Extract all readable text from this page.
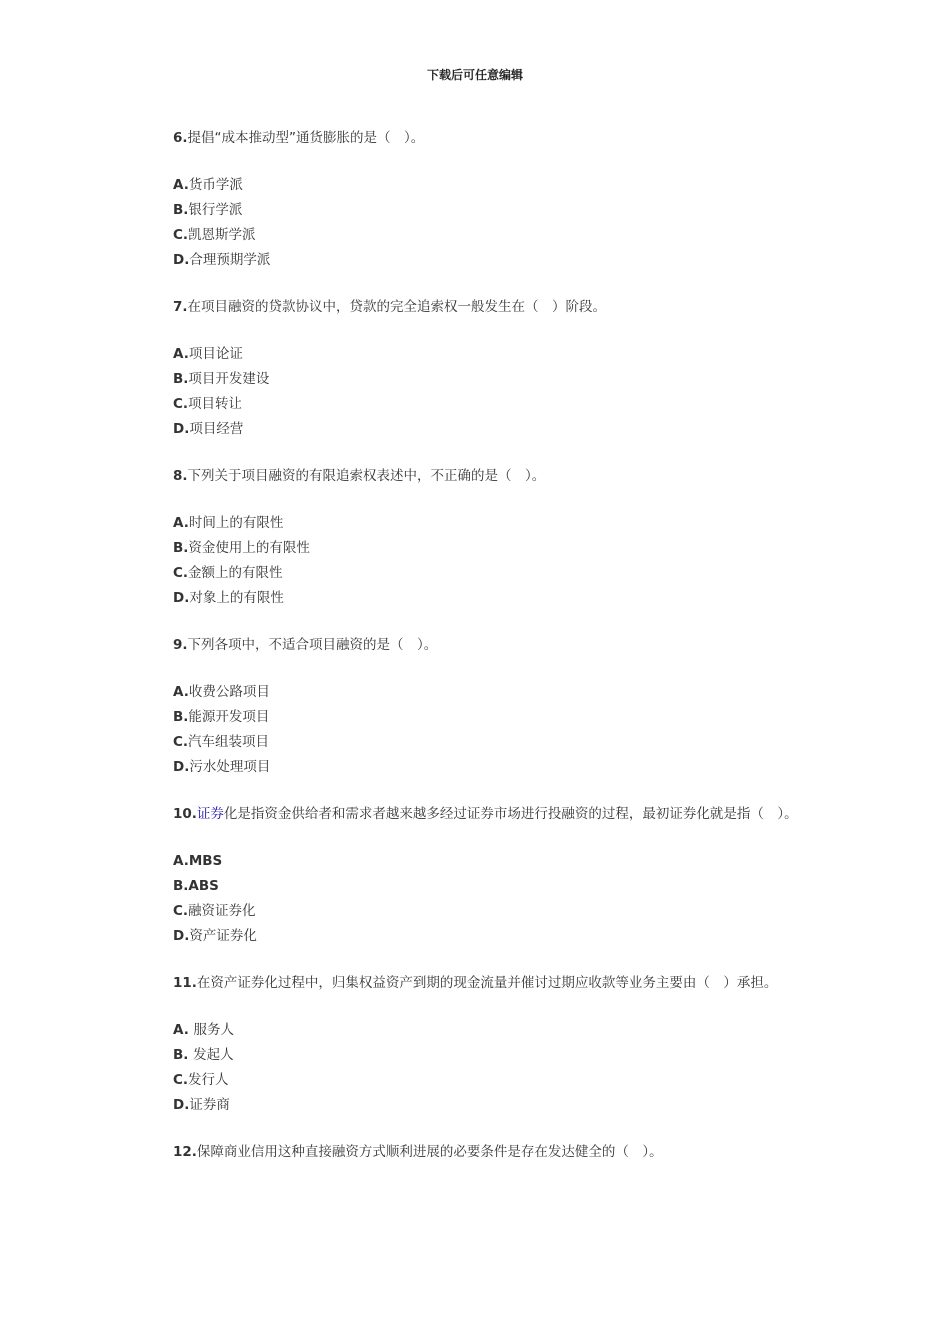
下载后可任意编辑

6.提倡“成本推动型”通货膨胀的是（　）。

A.货币学派

B.银行学派

C.凯恩斯学派

D.合理预期学派

7.在项目融资的贷款协议中，贷款的完全追索权一般发生在（　）阶段。

A.项目论证

B.项目开发建设

C.项目转让

D.项目经营

8.下列关于项目融资的有限追索权表述中，不正确的是（　）。

A.时间上的有限性

B.资金使用上的有限性

C.金额上的有限性

D.对象上的有限性

9.下列各项中，不适合项目融资的是（　）。

A.收费公路项目

B.能源开发项目

C.汽车组装项目

D.污水处理项目

10.证券化是指资金供给者和需求者越来越多经过证券市场进行投融资的过程，最初证券化就是指（　）。

A.MBS

B.ABS

C.融资证券化

D.资产证券化

11.在资产证券化过程中，归集权益资产到期的现金流量并催讨过期应收款等业务主要由（　）承担。

A. 服务人

B. 发起人

C.发行人

D.证券商

12.保障商业信用这种直接融资方式顺利进展的必要条件是存在发达健全的（　）。
